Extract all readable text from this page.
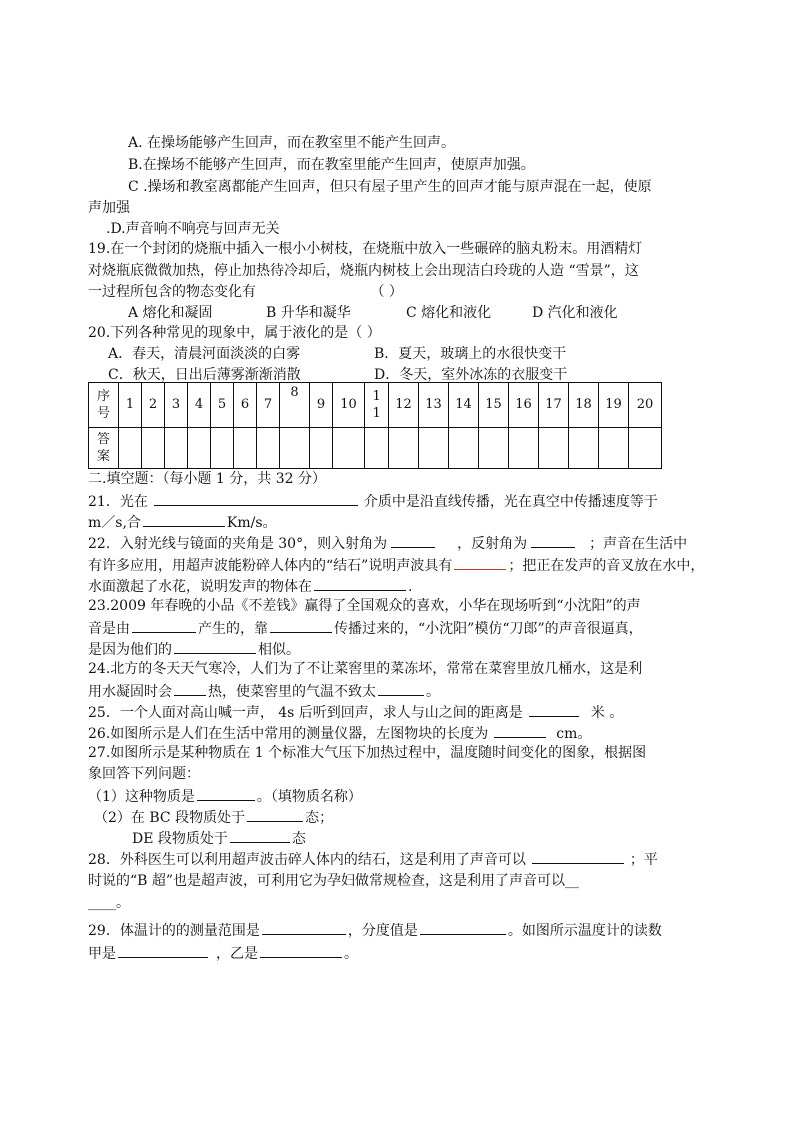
A. 在操场能够产生回声，而在教室里不能产生回声。
B.在操场不能够产生回声，而在教室里能产生回声，使原声加强。
C .操场和教室离都能产生回声，但只有屋子里产生的回声才能与原声混在一起，使原
声加强
.D.声音响不响亮与回声无关
19.在一个封闭的烧瓶中插入一根小小树枝，在烧瓶中放入一些碾碎的脑丸粉末。用酒精灯
对烧瓶底微微加热，停止加热待冷却后，烧瓶内树枝上会出现洁白玲珑的人造 “雪景”，这
一过程所包含的物态变化有	（ ）
A 熔化和凝固	B 升华和凝华	C 熔化和液化	D 汽化和液化
20.下列各种常见的现象中，属于液化的是（ ）
A．春天，清晨河面淡淡的白雾	B．夏天，玻璃上的水很快变干
C．秋天，日出后薄雾渐渐消散	D．冬天，室外冰冻的衣服变干
序号	1	2	3	4	5	6	7	8	9	10	11	12	13	14	15	16	17	18	19	20
答案																				
二.填空题：（每小题 1 分，共 32 分）
21．光在	介质中是沿直线传播，光在真空中传播速度等于
m／s,合	Km/s。
22．入射光线与镜面的夹角是 30°，则入射角为	，反射角为	；声音在生活中
有许多应用，用超声波能粉碎人体内的“结石”说明声波具有	；把正在发声的音叉放在水中，
水面激起了水花，说明发声的物体在	.
23.2009 年春晚的小品《不差钱》赢得了全国观众的喜欢，小华在现场听到“小沈阳”的声
音是由	产生的，靠	传播过来的，“小沈阳”模仿“刀郎”的声音很逼真，
是因为他们的	相似。
24.北方的冬天天气寒冷，人们为了不让菜窖里的菜冻坏，常常在菜窖里放几桶水，这是利
用水凝固时会	热，使菜窖里的气温不致太	。
25．一个人面对高山喊一声， 4s 后听到回声，求人与山之间的距离是	米 。
26.如图所示是人们在生活中常用的测量仪器，左图物块的长度为	cm。
27.如图所示是某种物质在 1 个标准大气压下加热过程中，温度随时间变化的图象，根据图
象回答下列问题：
（1）这种物质是	。（填物质名称）
（2）在 BC 段物质处于	态；
DE 段物质处于	态
28．外科医生可以利用超声波击碎人体内的结石，这是利用了声音可以	；平
时说的“B 超”也是超声波，可利用它为孕妇做常规检查，这是利用了声音可以__
____。
29．体温计的的测量范围是	，分度值是	。如图所示温度计的读数
甲是	，乙是	。
